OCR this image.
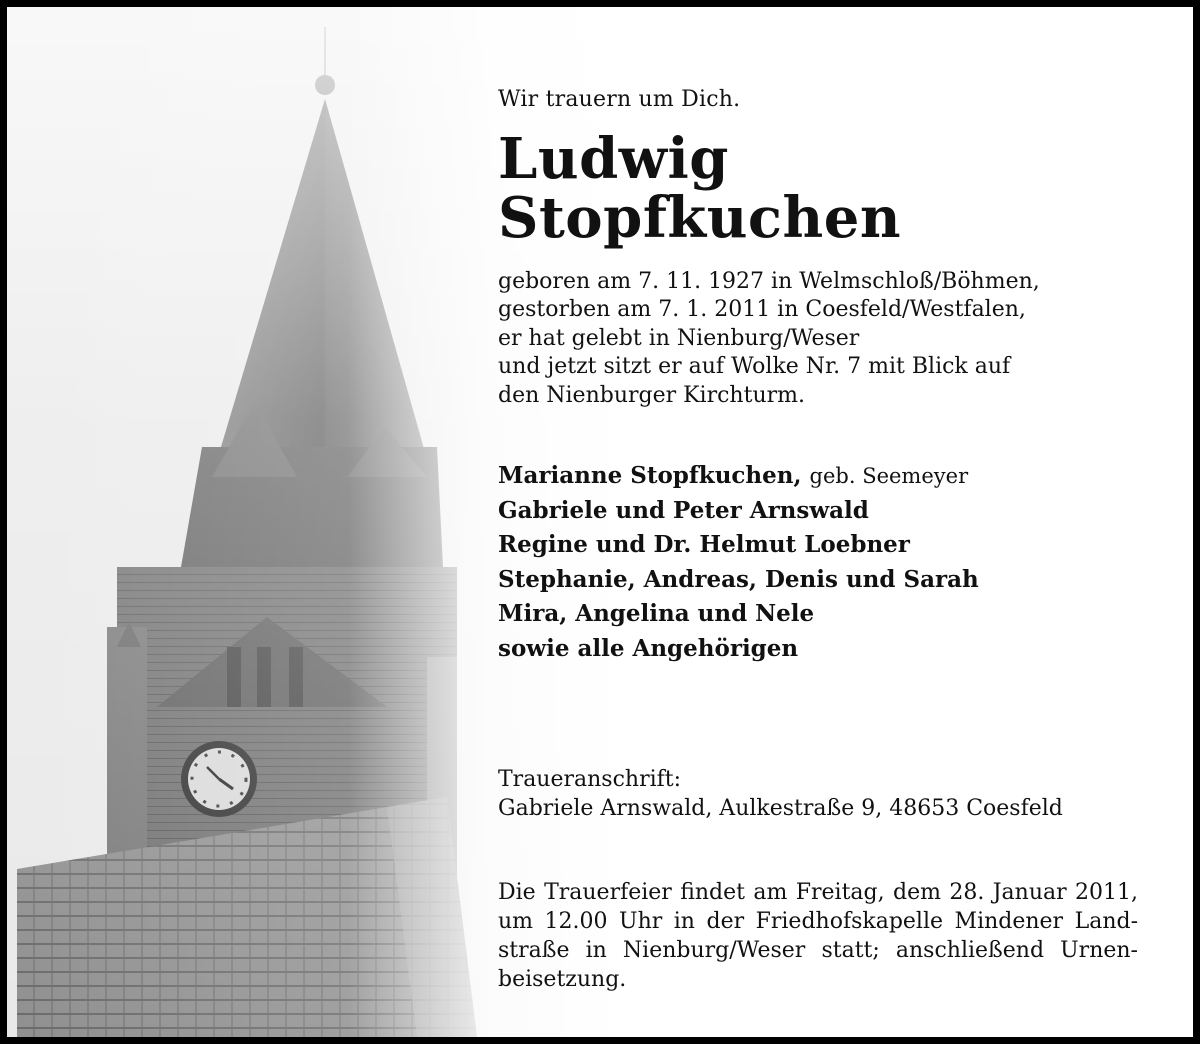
Wir trauern um Dich.
Ludwig Stopfkuchen
geboren am 7. 11. 1927 in Welmschloß/Böhmen,
gestorben am 7. 1. 2011 in Coesfeld/Westfalen,
er hat gelebt in Nienburg/Weser
und jetzt sitzt er auf Wolke Nr. 7 mit Blick auf
den Nienburger Kirchturm.
Marianne Stopfkuchen, geb. Seemeyer
Gabriele und Peter Arnswald
Regine und Dr. Helmut Loebner
Stephanie, Andreas, Denis und Sarah
Mira, Angelina und Nele
sowie alle Angehörigen
Traueranschrift:
Gabriele Arnswald, Aulkestraße 9, 48653 Coesfeld
Die Trauerfeier findet am Freitag, dem 28. Januar 2011,
um 12.00 Uhr in der Friedhofskapelle Mindener Land-
straße in Nienburg/Weser statt; anschließend Urnen-
beisetzung.
